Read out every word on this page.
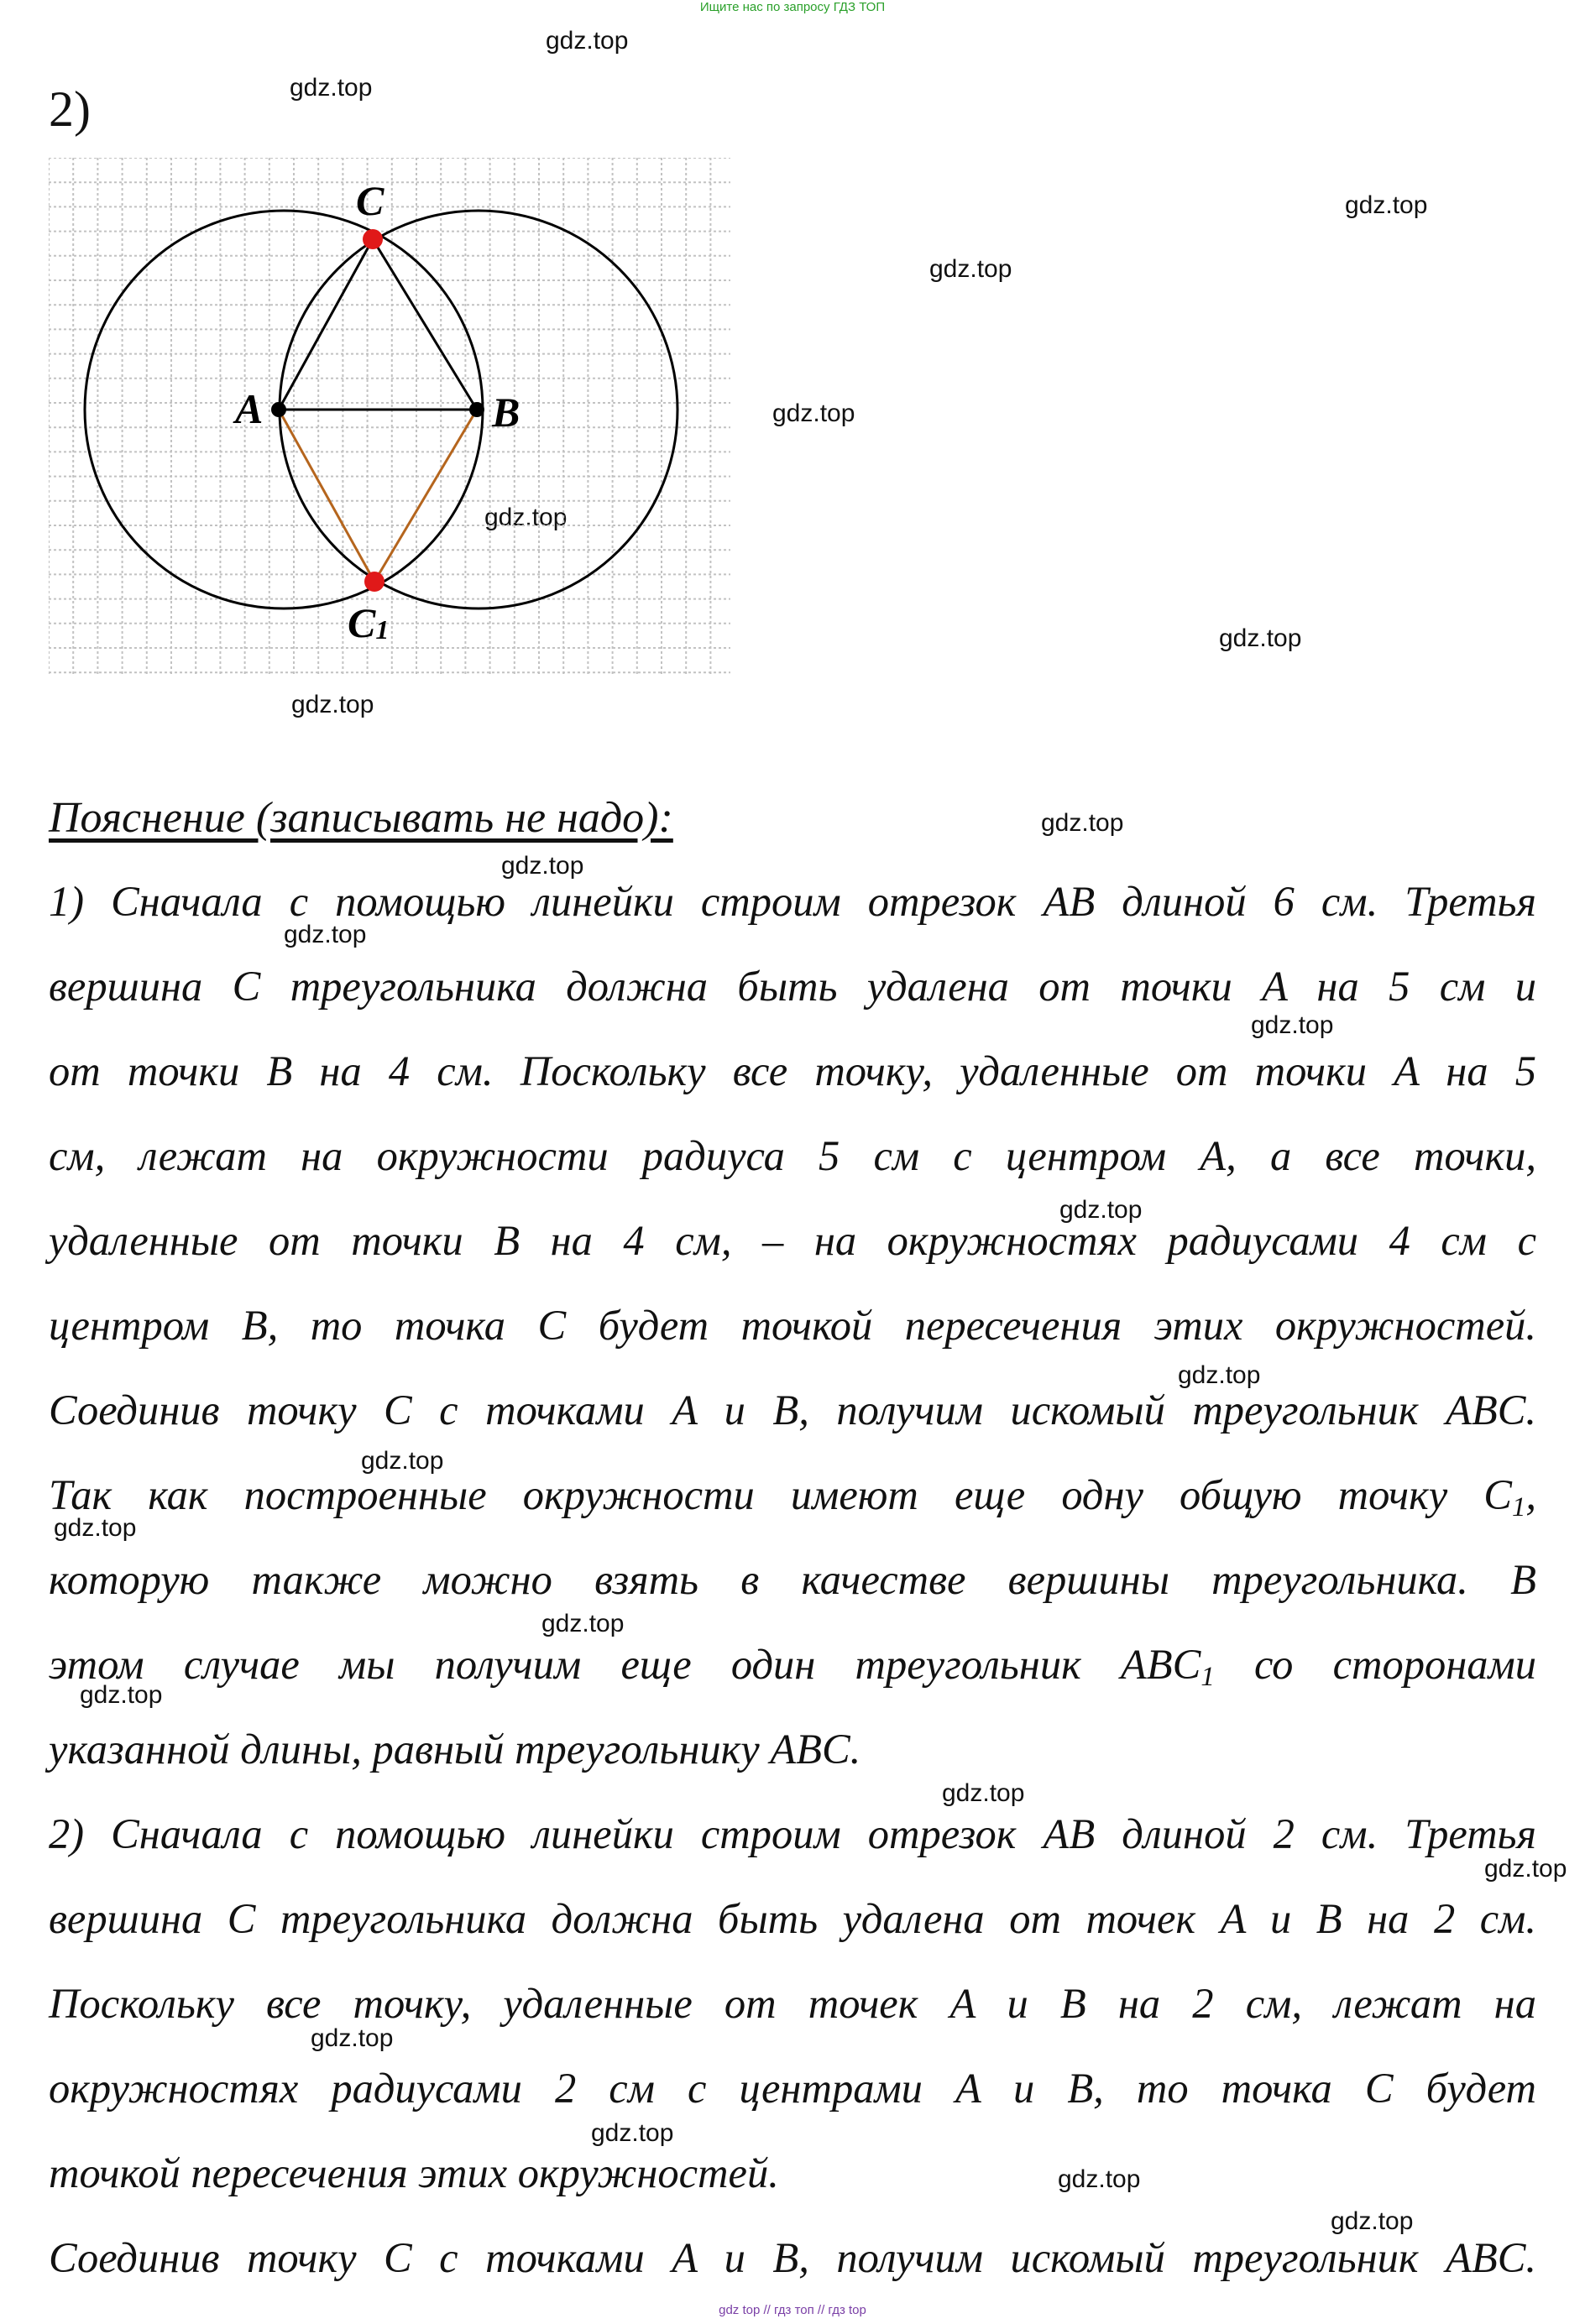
Ищите нас по запросу ГДЗ ТОП
2)
gdz.top
gdz.top
gdz.top
gdz.top
gdz.top
gdz.top
gdz.top
gdz.top
gdz.top
gdz.top
gdz.top
gdz.top
gdz.top
gdz.top
gdz.top
gdz.top
gdz.top
gdz.top
gdz.top
gdz.top
gdz.top
gdz.top
gdz.top
gdz.top
A	B
C
C1
Пояснение (записывать не надо):

1) Сначала с помощью линейки строим отрезок AB длиной 6 см. Третья

вершина C треугольника должна быть удалена от точки A на 5 см и

от точки B на 4 см. Поскольку все точку, удаленные от точки A на 5

см, лежат на окружности радиуса 5 см с центром A, а все точки,

удаленные от точки B на 4 см, – на окружностях радиусами 4 см с

центром B, то точка C будет точкой пересечения этих окружностей.

Соединив точку C с точками A и B, получим искомый треугольник ABC.

Так как построенные окружности имеют еще одну общую точку $C_1$,

которую также можно взять в качестве вершины треугольника. В

этом случае мы получим еще один треугольник $ABC_1$ со сторонами

указанной длины, равный треугольнику ABC.

2) Сначала с помощью линейки строим отрезок AB длиной 2 см. Третья

вершина C треугольника должна быть удалена от точек A и B на 2 см.

Поскольку все точку, удаленные от точек A и B на 2 см, лежат на

окружностях радиусами 2 см с центрами A и B, то точка C будет

точкой пересечения этих окружностей.

Соединив точку C с точками A и B, получим искомый треугольник ABC.

gdz top // гдз топ // гдз top
